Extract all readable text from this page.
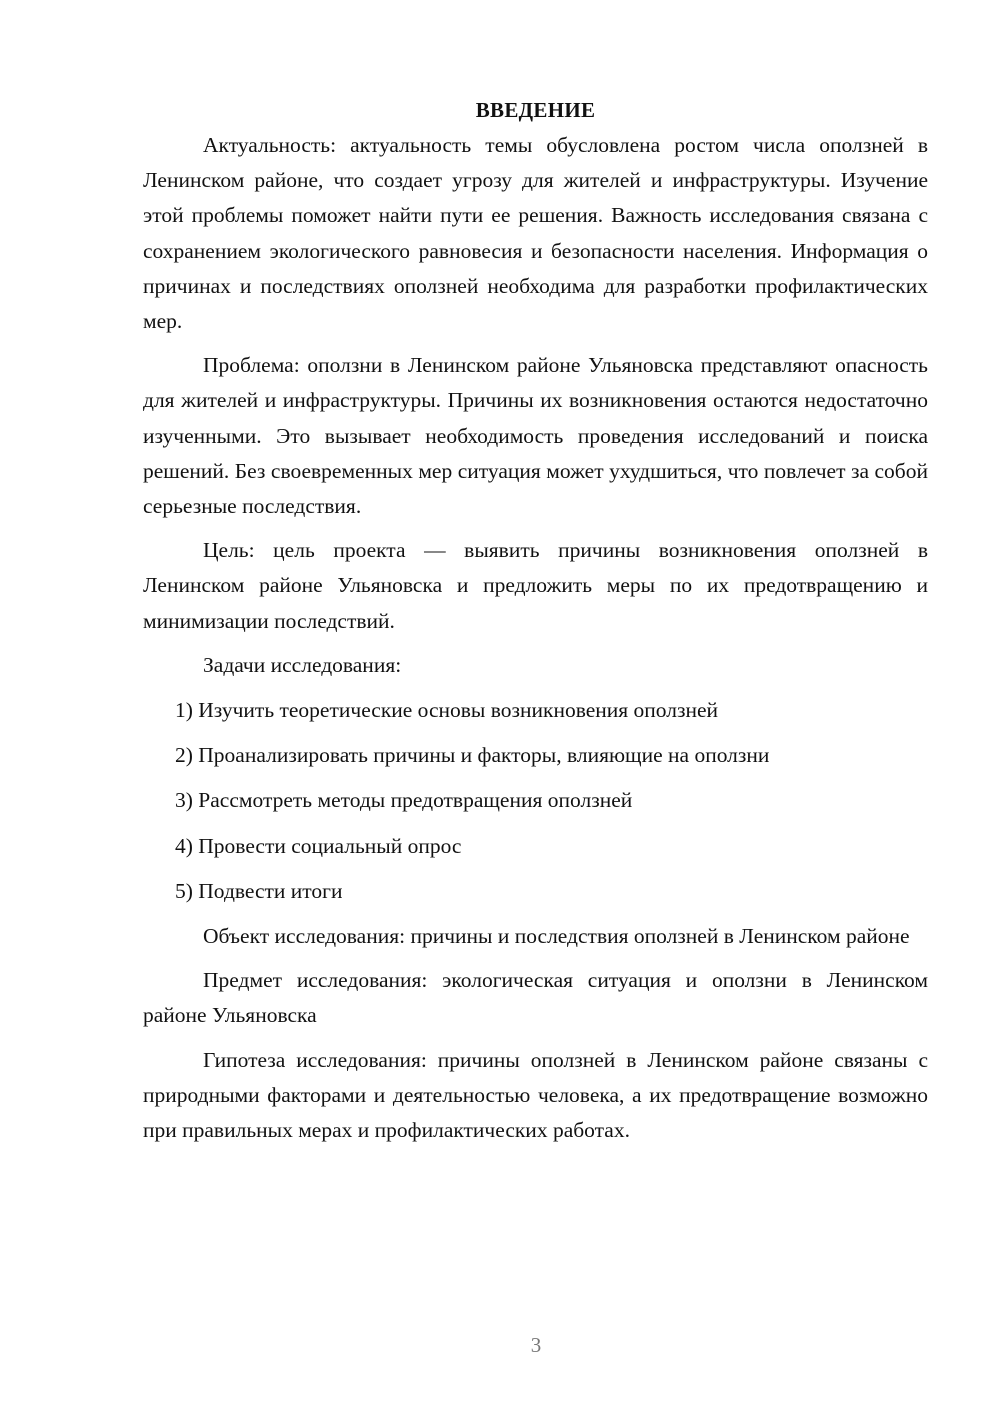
ВВЕДЕНИЕ

Актуальность: актуальность темы обусловлена ростом числа оползней в Ленинском районе, что создает угрозу для жителей и инфраструктуры. Изучение этой проблемы поможет найти пути ее решения. Важность исследования связана с сохранением экологического равновесия и безопасности населения. Информация о причинах и последствиях оползней необходима для разработки профилактических мер.

Проблема: оползни в Ленинском районе Ульяновска представляют опасность для жителей и инфраструктуры. Причины их возникновения остаются недостаточно изученными. Это вызывает необходимость проведения исследований и поиска решений. Без своевременных мер ситуация может ухудшиться, что повлечет за собой серьезные последствия.

Цель: цель проекта — выявить причины возникновения оползней в Ленинском районе Ульяновска и предложить меры по их предотвращению и минимизации последствий.

Задачи исследования:

1) Изучить теоретические основы возникновения оползней
2) Проанализировать причины и факторы, влияющие на оползни
3) Рассмотреть методы предотвращения оползней
4) Провести социальный опрос
5) Подвести итоги

Объект исследования: причины и последствия оползней в Ленинском районе

Предмет исследования: экологическая ситуация и оползни в Ленинском районе Ульяновска

Гипотеза исследования: причины оползней в Ленинском районе связаны с природными факторами и деятельностью человека, а их предотвращение возможно при правильных мерах и профилактических работах.

3
